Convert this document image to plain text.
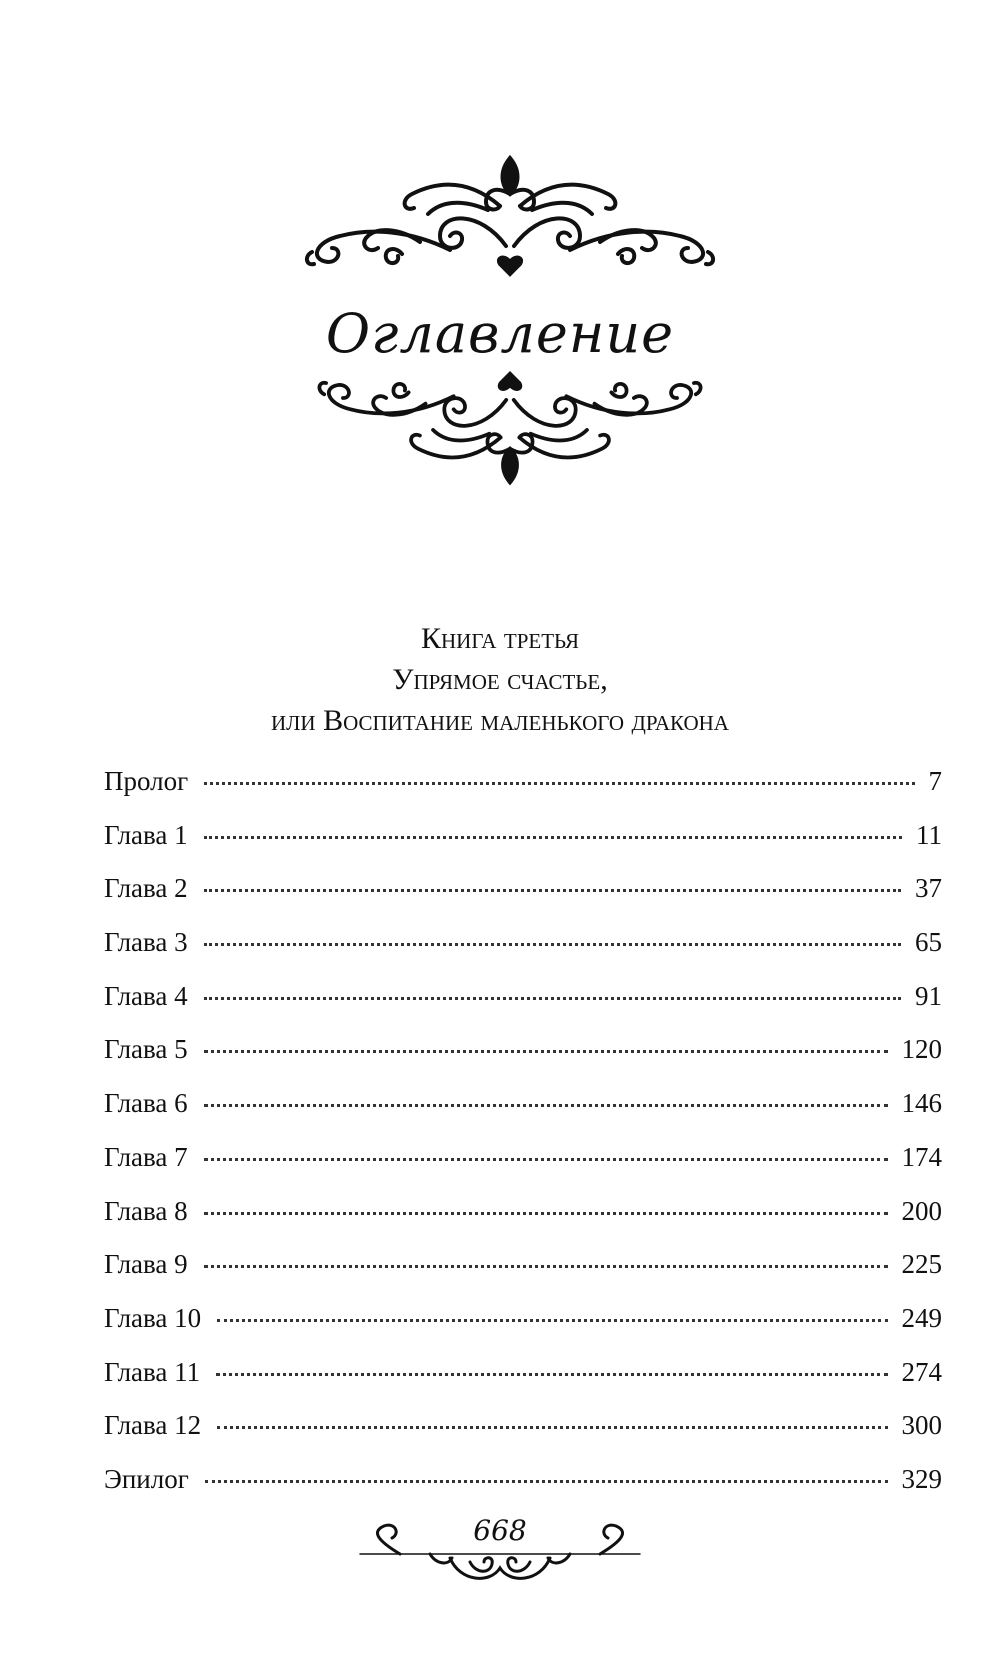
Оглавление
Книга третья
Упрямое счастье,
или Воспитание маленького дракона
Пролог	7
Глава 1	11
Глава 2	37
Глава 3	65
Глава 4	91
Глава 5	120
Глава 6	146
Глава 7	174
Глава 8	200
Глава 9	225
Глава 10	249
Глава 11	274
Глава 12	300
Эпилог	329
668
